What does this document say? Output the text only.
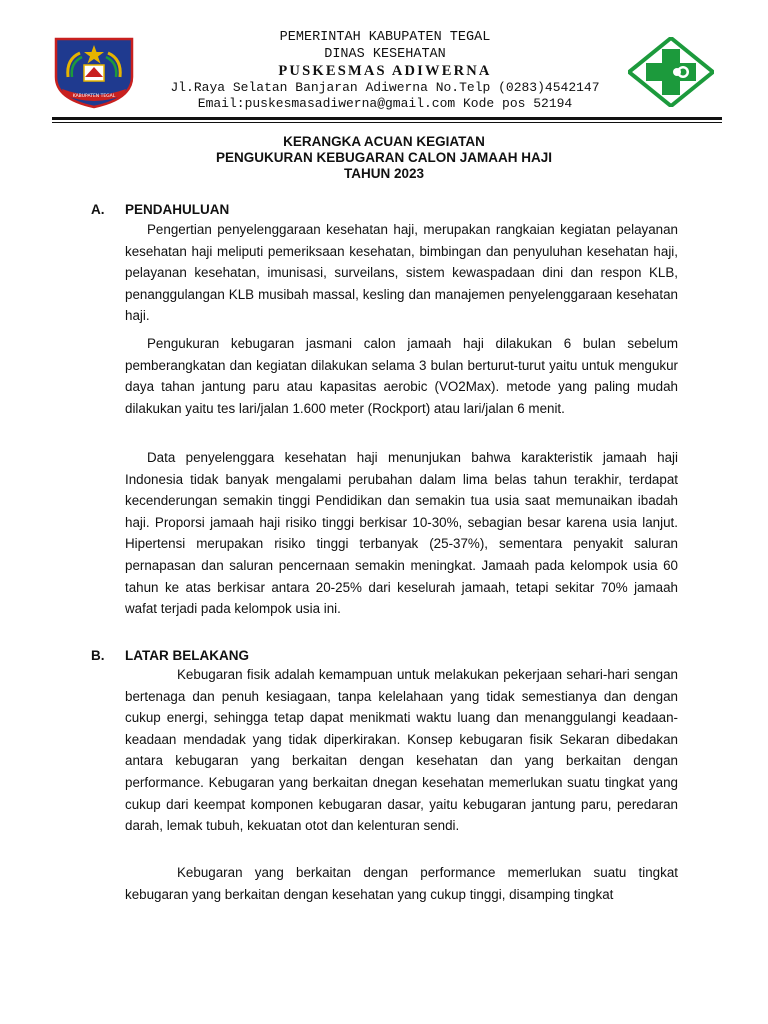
KABUPATEN TEGAL
PEMERINTAH KABUPATEN TEGAL
DINAS KESEHATAN
PUSKESMAS ADIWERNA
Jl.Raya Selatan Banjaran Adiwerna No.Telp (0283)4542147
Email:puskesmasadiwerna@gmail.com Kode pos 52194
KERANGKA ACUAN KEGIATAN
PENGUKURAN KEBUGARAN CALON JAMAAH HAJI
TAHUN 2023
A. PENDAHULUAN

Pengertian penyelenggaraan kesehatan haji, merupakan rangkaian kegiatan pelayanan kesehatan haji meliputi pemeriksaan kesehatan, bimbingan dan penyuluhan kesehatan haji, pelayanan kesehatan, imunisasi, surveilans, sistem kewaspadaan dini dan respon KLB, penanggulangan KLB musibah massal, kesling dan manajemen penyelenggaraan kesehatan haji.

Pengukuran kebugaran jasmani calon jamaah haji dilakukan 6 bulan sebelum pemberangkatan dan kegiatan dilakukan selama 3 bulan berturut-turut yaitu untuk mengukur daya tahan jantung paru atau kapasitas aerobic (VO2Max). metode yang paling mudah dilakukan yaitu tes lari/jalan 1.600 meter (Rockport) atau lari/jalan 6 menit.

Data penyelenggara kesehatan haji menunjukan bahwa karakteristik jamaah haji Indonesia tidak banyak mengalami perubahan dalam lima belas tahun terakhir, terdapat kecenderungan semakin tinggi Pendidikan dan semakin tua usia saat memunaikan ibadah haji. Proporsi jamaah haji risiko tinggi berkisar 10-30%, sebagian besar karena usia lanjut. Hipertensi merupakan risiko tinggi terbanyak (25-37%), sementara penyakit saluran pernapasan dan saluran pencernaan semakin meningkat. Jamaah pada kelompok usia 60 tahun ke atas berkisar antara 20-25% dari keselurah jamaah, tetapi sekitar 70% jamaah wafat terjadi pada kelompok usia ini.

B. LATAR BELAKANG

Kebugaran fisik adalah kemampuan untuk melakukan pekerjaan sehari-hari sengan bertenaga dan penuh kesiagaan, tanpa kelelahaan yang tidak semestianya dan dengan cukup energi, sehingga tetap dapat menikmati waktu luang dan menanggulangi keadaan-keadaan mendadak yang tidak diperkirakan. Konsep kebugaran fisik Sekaran dibedakan antara kebugaran yang berkaitan dengan kesehatan dan yang berkaitan dengan performance. Kebugaran yang berkaitan dnegan kesehatan memerlukan suatu tingkat yang cukup dari keempat komponen kebugaran dasar, yaitu kebugaran jantung paru, peredaran darah, lemak tubuh, kekuatan otot dan kelenturan sendi.

Kebugaran yang berkaitan dengan performance memerlukan suatu tingkat kebugaran yang berkaitan dengan kesehatan yang cukup tinggi, disamping tingkat
